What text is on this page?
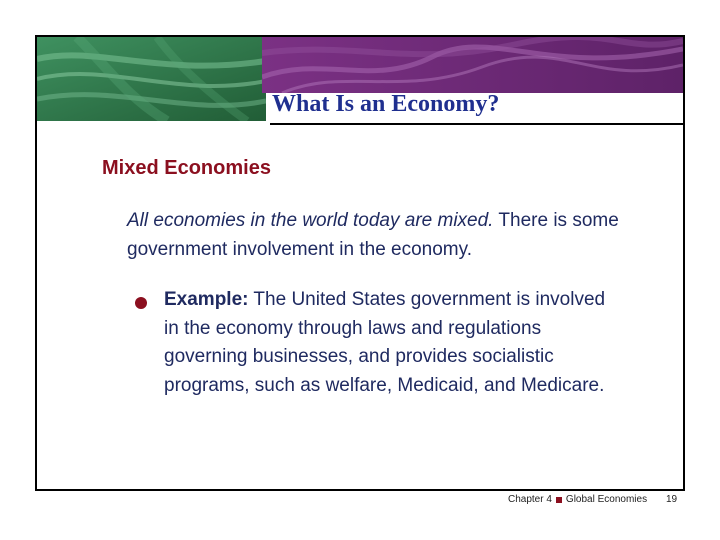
What Is an Economy?
Mixed Economies
All economies in the world today are mixed. There is some government involvement in the economy.
Example: The United States government is involved in the economy through laws and regulations governing businesses, and provides socialistic programs, such as welfare, Medicaid, and Medicare.
Chapter 4 Global Economies 19
